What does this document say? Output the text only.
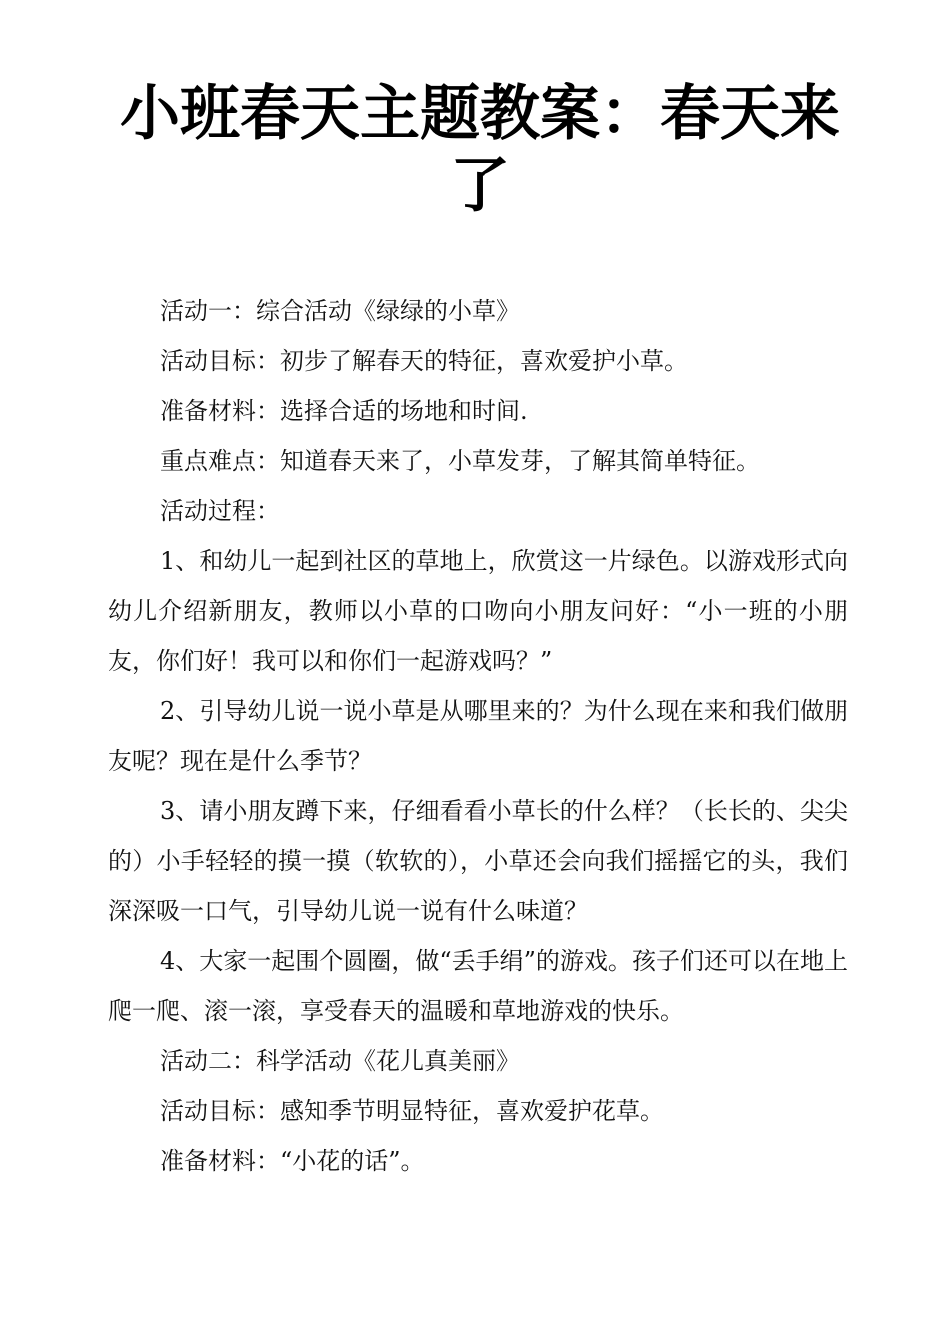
小班春天主题教案：春天来了

活动一：综合活动《绿绿的小草》

活动目标：初步了解春天的特征，喜欢爱护小草。

准备材料：选择合适的场地和时间.

重点难点：知道春天来了，小草发芽，了解其简单特征。

活动过程：

1、和幼儿一起到社区的草地上，欣赏这一片绿色。以游戏形式向幼儿介绍新朋友，教师以小草的口吻向小朋友问好：“小一班的小朋友，你们好！我可以和你们一起游戏吗？”

2、引导幼儿说一说小草是从哪里来的？为什么现在来和我们做朋友呢？现在是什么季节？

3、请小朋友蹲下来，仔细看看小草长的什么样？（长长的、尖尖的）小手轻轻的摸一摸（软软的），小草还会向我们摇摇它的头，我们深深吸一口气，引导幼儿说一说有什么味道？

4、大家一起围个圆圈，做“丢手绢”的游戏。孩子们还可以在地上爬一爬、滚一滚，享受春天的温暖和草地游戏的快乐。

活动二：科学活动《花儿真美丽》

活动目标：感知季节明显特征，喜欢爱护花草。

准备材料：“小花的话”。
